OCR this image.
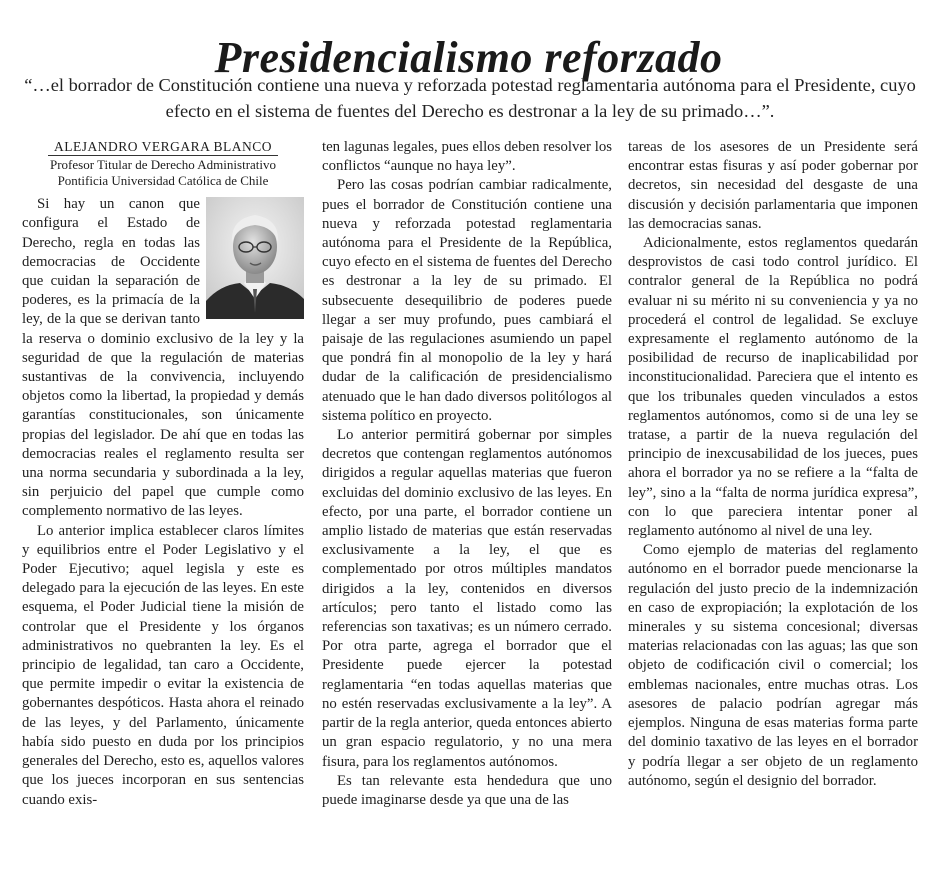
Presidencialismo reforzado
“…el borrador de Constitución contiene una nueva y reforzada potestad reglamentaria autónoma para el Presidente, cuyo efecto en el sistema de fuentes del Derecho es destronar a la ley de su primado…”.
ALEJANDRO VERGARA BLANCO
Profesor Titular de Derecho Administrativo
Pontificia Universidad Católica de Chile

Si hay un canon que configura el Estado de Derecho, regla en todas las democracias de Occidente que cuidan la separación de poderes, es la primacía de la ley, de la que se derivan tanto la reserva o dominio exclusivo de la ley y la seguridad de que la regulación de materias sustantivas de la convivencia, incluyendo objetos como la libertad, la propiedad y demás garantías constitucionales, son únicamente propias del legislador. De ahí que en todas las democracias reales el reglamento resulta ser una norma secundaria y subordinada a la ley, sin perjuicio del papel que cumple como complemento normativo de las leyes.

Lo anterior implica establecer claros límites y equilibrios entre el Poder Legislativo y el Poder Ejecutivo; aquel legisla y este es delegado para la ejecución de las leyes. En este esquema, el Poder Judicial tiene la misión de controlar que el Presidente y los órganos administrativos no quebranten la ley. Es el principio de legalidad, tan caro a Occidente, que permite impedir o evitar la existencia de gobernantes despóticos. Hasta ahora el reinado de las leyes, y del Parlamento, únicamente había sido puesto en duda por los principios generales del Derecho, esto es, aquellos valores que los jueces incorporan en sus sentencias cuando exis-

ten lagunas legales, pues ellos deben resolver los conflictos “aunque no haya ley”.

Pero las cosas podrían cambiar radicalmente, pues el borrador de Constitución contiene una nueva y reforzada potestad reglamentaria autónoma para el Presidente de la República, cuyo efecto en el sistema de fuentes del Derecho es destronar a la ley de su primado. El subsecuente desequilibrio de poderes puede llegar a ser muy profundo, pues cambiará el paisaje de las regulaciones asumiendo un papel que pondrá fin al monopolio de la ley y hará dudar de la calificación de presidencialismo atenuado que le han dado diversos politólogos al sistema político en proyecto.

Lo anterior permitirá gobernar por simples decretos que contengan reglamentos autónomos dirigidos a regular aquellas materias que fueron excluidas del dominio exclusivo de las leyes. En efecto, por una parte, el borrador contiene un amplio listado de materias que están reservadas exclusivamente a la ley, el que es complementado por otros múltiples mandatos dirigidos a la ley, contenidos en diversos artículos; pero tanto el listado como las referencias son taxativas; es un número cerrado. Por otra parte, agrega el borrador que el Presidente puede ejercer la potestad reglamentaria “en todas aquellas materias que no estén reservadas exclusivamente a la ley”. A partir de la regla anterior, queda entonces abierto un gran espacio regulatorio, y no una mera fisura, para los reglamentos autónomos.

Es tan relevante esta hendedura que uno puede imaginarse desde ya que una de las

tareas de los asesores de un Presidente será encontrar estas fisuras y así poder gobernar por decretos, sin necesidad del desgaste de una discusión y decisión parlamentaria que imponen las democracias sanas.

Adicionalmente, estos reglamentos quedarán desprovistos de casi todo control jurídico. El contralor general de la República no podrá evaluar ni su mérito ni su conveniencia y ya no procederá el control de legalidad. Se excluye expresamente el reglamento autónomo de la posibilidad de recurso de inaplicabilidad por inconstitucionalidad. Pareciera que el intento es que los tribunales queden vinculados a estos reglamentos autónomos, como si de una ley se tratase, a partir de la nueva regulación del principio de inexcusabilidad de los jueces, pues ahora el borrador ya no se refiere a la “falta de ley”, sino a la “falta de norma jurídica expresa”, con lo que pareciera intentar poner al reglamento autónomo al nivel de una ley.

Como ejemplo de materias del reglamento autónomo en el borrador puede mencionarse la regulación del justo precio de la indemnización en caso de expropiación; la explotación de los minerales y su sistema concesional; diversas materias relacionadas con las aguas; las que son objeto de codificación civil o comercial; los emblemas nacionales, entre muchas otras. Los asesores de palacio podrían agregar más ejemplos. Ninguna de esas materias forma parte del dominio taxativo de las leyes en el borrador y podría llegar a ser objeto de un reglamento autónomo, según el designio del borrador.
